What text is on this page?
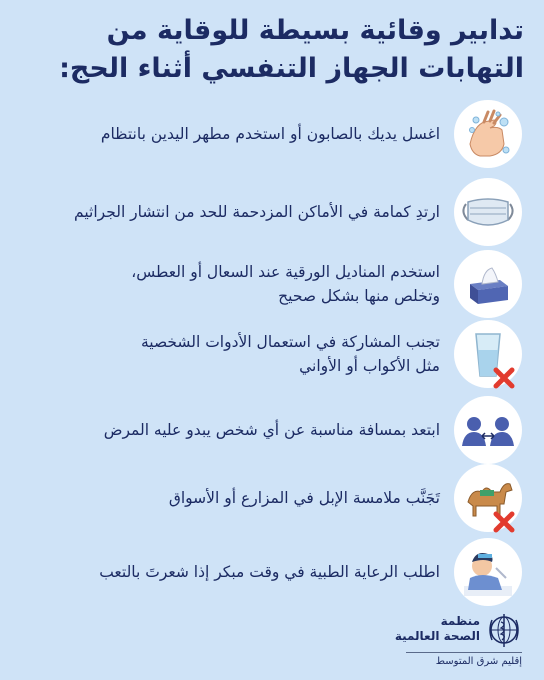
تدابير وقائية بسيطة للوقاية من
التهابات الجهاز التنفسي أثناء الحج:
اغسل يديك بالصابون أو استخدم مطهر اليدين بانتظام
ارتدِ كمامة في الأماكن المزدحمة للحد من انتشار الجراثيم
استخدم المناديل الورقية عند السعال أو العطس،
وتخلص منها بشكل صحيح
تجنب المشاركة في استعمال الأدوات الشخصية
مثل الأكواب أو الأواني
ابتعد بمسافة مناسبة عن أي شخص يبدو عليه المرض
تَجَنَّب ملامسة الإبل في المزارع أو الأسواق
اطلب الرعاية الطبية في وقت مبكر إذا شعرتَ بالتعب
منظمة
الصحة العالمية
إقليم شرق المتوسط
